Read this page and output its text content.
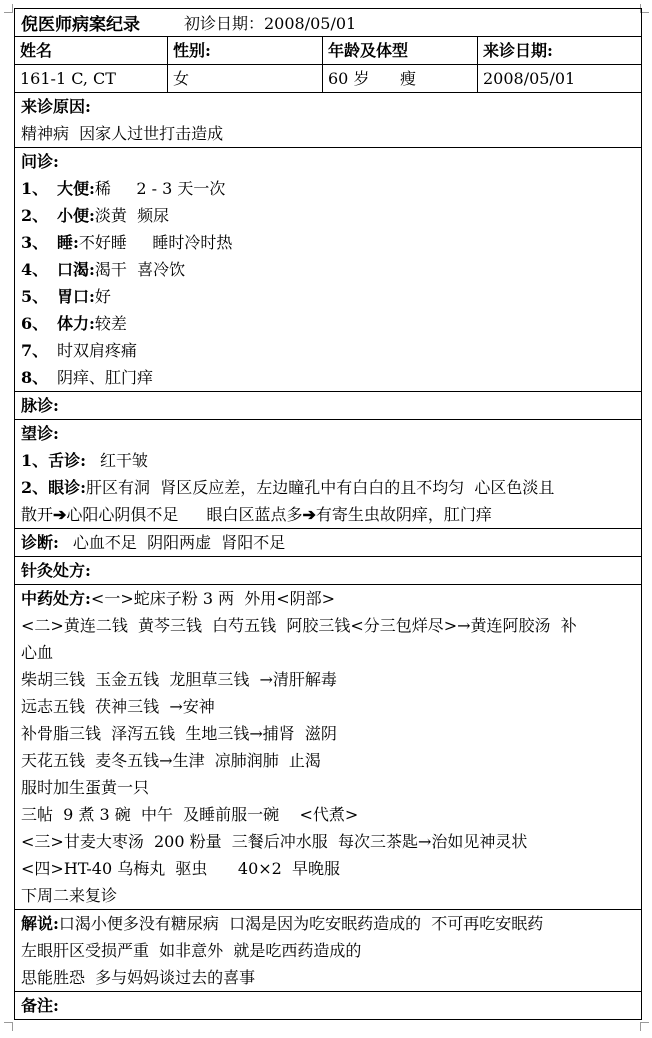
倪医师病案纪录	初诊日期：2008/05/01
姓名	性别:	年龄及体型	来诊日期:
161-1 C, CT	女	60 岁      瘦	2008/05/01
来诊原因:
精神病  因家人过世打击造成
问诊:
1、 大便:稀     2 - 3 天一次
2、 小便:淡黄  频尿
3、 睡:不好睡     睡时冷时热
4、 口渴:渴干  喜冷饮
5、 胃口:好
6、 体力:较差
7、 时双肩疼痛
8、 阴痒、肛门痒
脉诊:
望诊:
1、舌诊: 红干皱
2、眼诊:肝区有洞  肾区反应差，左边瞳孔中有白白的且不均匀  心区色淡且
散开➔心阳心阴俱不足 眼白区蓝点多➔有寄生虫故阴痒，肛门痒
诊断: 心血不足  阴阳两虚  肾阳不足
针灸处方:
中药处方:<一>蛇床子粉 3 两  外用<阴部>
<二>黄连二钱  黄芩三钱  白芍五钱  阿胶三钱<分三包烊尽>→黄连阿胶汤  补
心血
柴胡三钱  玉金五钱  龙胆草三钱  →清肝解毒
远志五钱  茯神三钱  →安神
补骨脂三钱  泽泻五钱  生地三钱→捕肾  滋阴
天花五钱  麦冬五钱→生津  凉肺润肺  止渴
服时加生蛋黄一只
三帖  9 煮 3 碗  中午  及睡前服一碗    <代煮>
<三>甘麦大枣汤  200 粉量  三餐后冲水服  每次三茶匙→治如见神灵状
<四>HT-40 乌梅丸  驱虫      40×2  早晚服
下周二来复诊
解说:口渴小便多没有糖尿病  口渴是因为吃安眠药造成的  不可再吃安眠药
左眼肝区受损严重  如非意外  就是吃西药造成的
思能胜恐  多与妈妈谈过去的喜事
备注:
